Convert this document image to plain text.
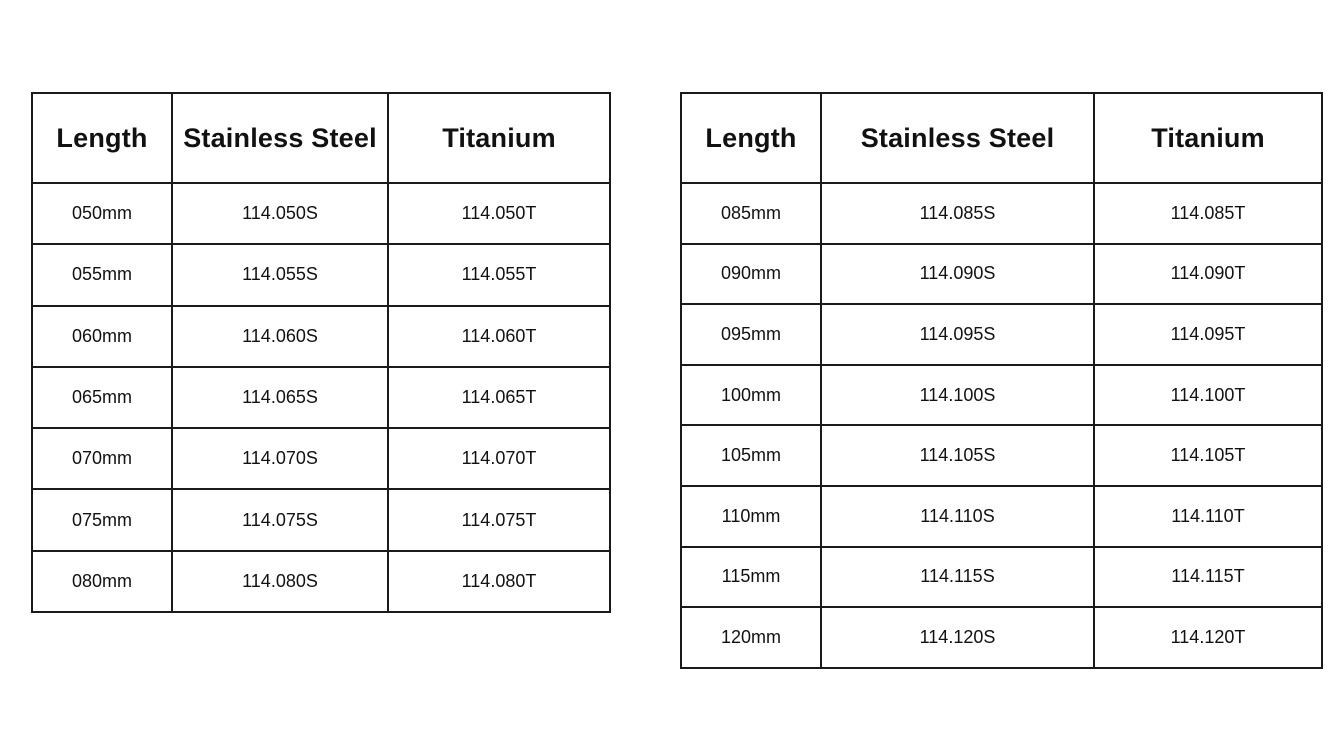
Length	Stainless Steel	Titanium
050mm	114.050S	114.050T
055mm	114.055S	114.055T
060mm	114.060S	114.060T
065mm	114.065S	114.065T
070mm	114.070S	114.070T
075mm	114.075S	114.075T
080mm	114.080S	114.080T
Length	Stainless Steel	Titanium
085mm	114.085S	114.085T
090mm	114.090S	114.090T
095mm	114.095S	114.095T
100mm	114.100S	114.100T
105mm	114.105S	114.105T
110mm	114.110S	114.110T
115mm	114.115S	114.115T
120mm	114.120S	114.120T
